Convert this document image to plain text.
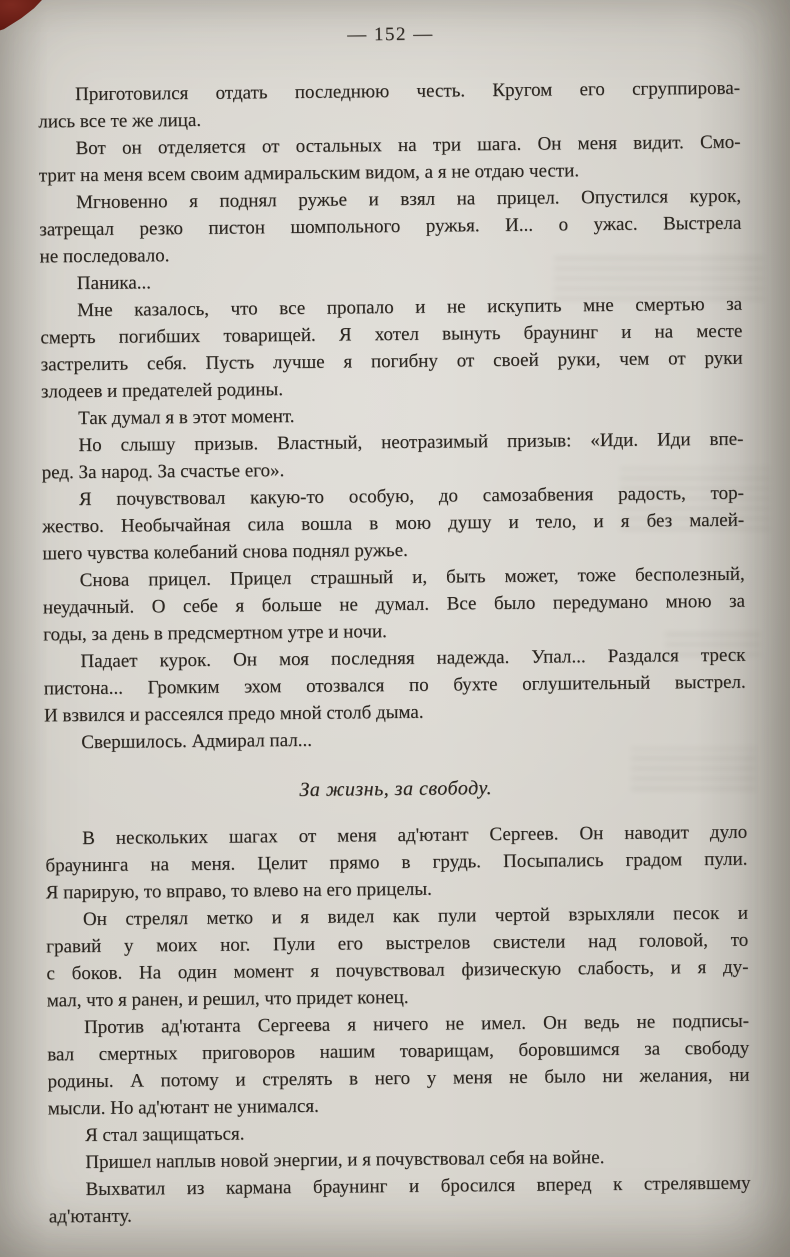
— 152 —
Приготовился отдать последнюю честь. Кругом его сгруппирова-
лись все те же лица.
Вот он отделяется от остальных на три шага. Он меня видит. Смо-
трит на меня всем своим адмиральским видом, а я не отдаю чести.
Мгновенно я поднял ружье и взял на прицел. Опустился курок,
затрещал резко пистон шомпольного ружья. И... о ужас. Выстрела
не последовало.
Паника...
Мне казалось, что все пропало и не искупить мне смертью за
смерть погибших товарищей. Я хотел вынуть браунинг и на месте
застрелить себя. Пусть лучше я погибну от своей руки, чем от руки
злодеев и предателей родины.
Так думал я в этот момент.
Но слышу призыв. Властный, неотразимый призыв: «Иди. Иди впе-
ред. За народ. За счастье его».
Я почувствовал какую-то особую, до самозабвения радость, тор-
жество. Необычайная сила вошла в мою душу и тело, и я без малей-
шего чувства колебаний снова поднял ружье.
Снова прицел. Прицел страшный и, быть может, тоже бесполезный,
неудачный. О себе я больше не думал. Все было передумано мною за
годы, за день в предсмертном утре и ночи.
Падает курок. Он моя последняя надежда. Упал... Раздался треск
пистона... Громким эхом отозвался по бухте оглушительный выстрел.
И взвился и рассеялся предо мной столб дыма.
Свершилось. Адмирал пал...
За жизнь, за свободу.
В нескольких шагах от меня ад'ютант Сергеев. Он наводит дуло
браунинга на меня. Целит прямо в грудь. Посыпались градом пули.
Я парирую, то вправо, то влево на его прицелы.
Он стрелял метко и я видел как пули чертой взрыхляли песок и
гравий у моих ног. Пули его выстрелов свистели над головой, то
с боков. На один момент я почувствовал физическую слабость, и я ду-
мал, что я ранен, и решил, что придет конец.
Против ад'ютанта Сергеева я ничего не имел. Он ведь не подписы-
вал смертных приговоров нашим товарищам, боровшимся за свободу
родины. А потому и стрелять в него у меня не было ни желания, ни
мысли. Но ад'ютант не унимался.
Я стал защищаться.
Пришел наплыв новой энергии, и я почувствовал себя на войне.
Выхватил из кармана браунинг и бросился вперед к стрелявшему
ад'ютанту.
